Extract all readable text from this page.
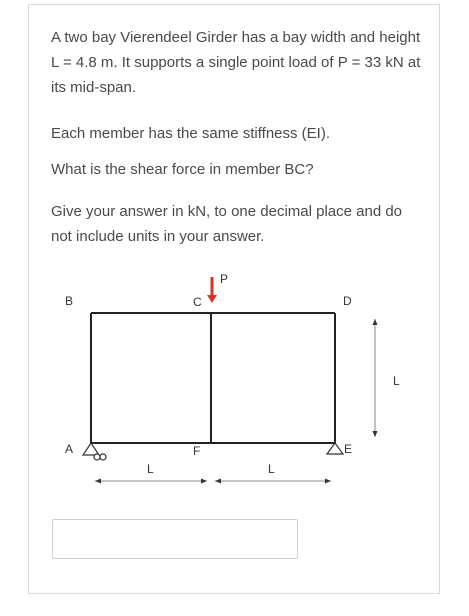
A two bay Vierendeel Girder has a bay width and height L = 4.8 m. It supports a single point load of P = 33 kN at its mid-span.

Each member has the same stiffness (EI).

What is the shear force in member BC?

Give your answer in kN, to one decimal place and do not include units in your answer.

P
B	C	D
A	E
F
L	L
L
